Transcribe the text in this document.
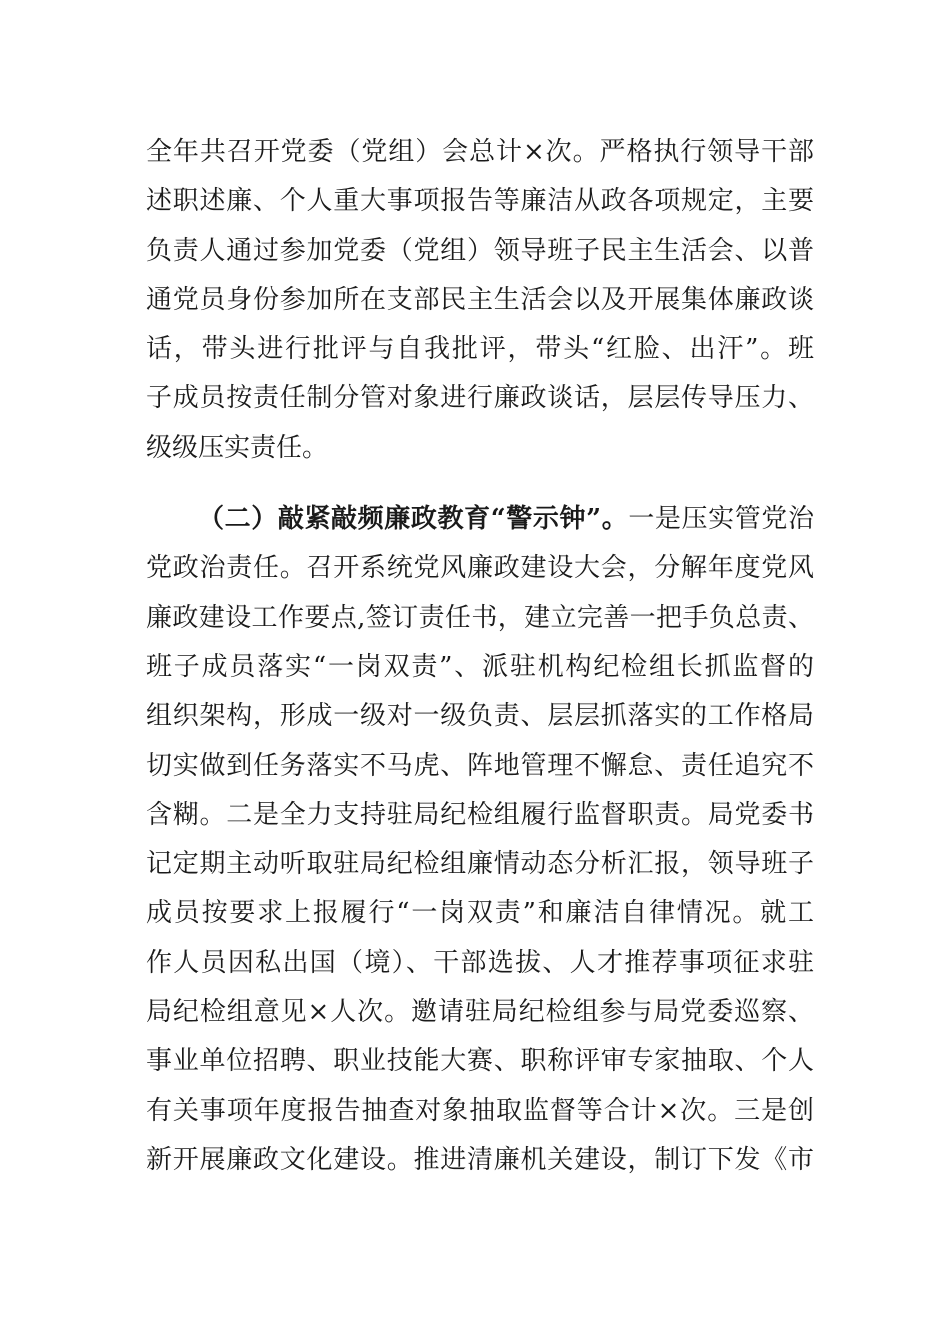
全年共召开党委（党组）会总计×次。严格执行领导干部
述职述廉、个人重大事项报告等廉洁从政各项规定，主要
负责人通过参加党委（党组）领导班子民主生活会、以普
通党员身份参加所在支部民主生活会以及开展集体廉政谈
话，带头进行批评与自我批评，带头“红脸、出汗”。班
子成员按责任制分管对象进行廉政谈话，层层传导压力、
级级压实责任。
（二）敲紧敲频廉政教育“警示钟”。一是压实管党治
党政治责任。召开系统党风廉政建设大会，分解年度党风
廉政建设工作要点,签订责任书，建立完善一把手负总责、
班子成员落实“一岗双责”、派驻机构纪检组长抓监督的
组织架构，形成一级对一级负责、层层抓落实的工作格局
切实做到任务落实不马虎、阵地管理不懈怠、责任追究不
含糊。二是全力支持驻局纪检组履行监督职责。局党委书
记定期主动听取驻局纪检组廉情动态分析汇报，领导班子
成员按要求上报履行“一岗双责”和廉洁自律情况。就工
作人员因私出国（境）、干部选拔、人才推荐事项征求驻
局纪检组意见×人次。邀请驻局纪检组参与局党委巡察、
事业单位招聘、职业技能大赛、职称评审专家抽取、个人
有关事项年度报告抽查对象抽取监督等合计×次。三是创
新开展廉政文化建设。推进清廉机关建设，制订下发《市
